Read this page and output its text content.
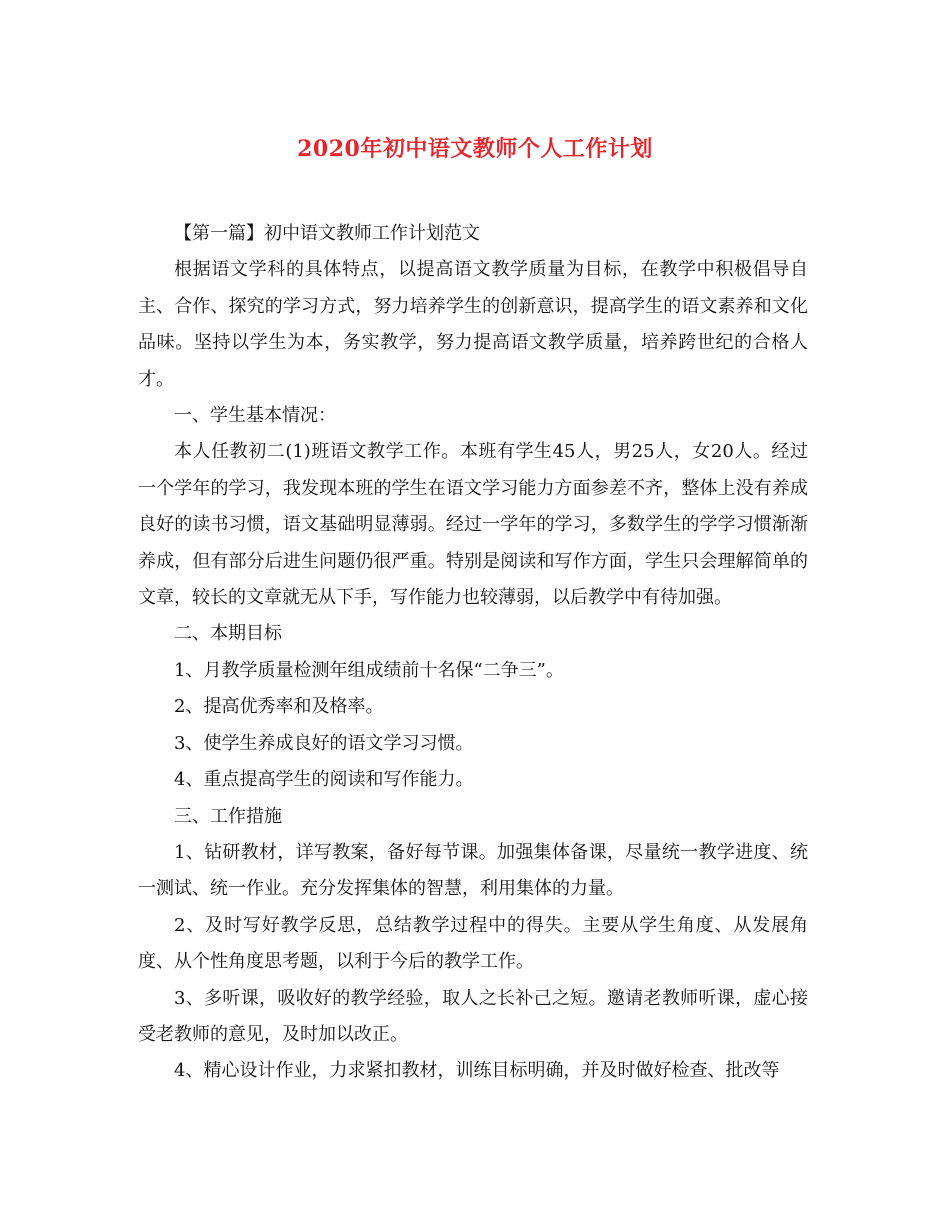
2020年初中语文教师个人工作计划

【第一篇】初中语文教师工作计划范文

根据语文学科的具体特点，以提高语文教学质量为目标，在教学中积极倡导自主、合作、探究的学习方式，努力培养学生的创新意识，提高学生的语文素养和文化品味。坚持以学生为本，务实教学，努力提高语文教学质量，培养跨世纪的合格人才。

一、学生基本情况：

本人任教初二(1)班语文教学工作。本班有学生45人，男25人，女20人。经过一个学年的学习，我发现本班的学生在语文学习能力方面参差不齐，整体上没有养成良好的读书习惯，语文基础明显薄弱。经过一学年的学习，多数学生的学学习惯渐渐养成，但有部分后进生问题仍很严重。特别是阅读和写作方面，学生只会理解简单的文章，较长的文章就无从下手，写作能力也较薄弱，以后教学中有待加强。

二、本期目标

1、月教学质量检测年组成绩前十名保“二争三”。

2、提高优秀率和及格率。

3、使学生养成良好的语文学习习惯。

4、重点提高学生的阅读和写作能力。

三、工作措施

1、钻研教材，详写教案，备好每节课。加强集体备课，尽量统一教学进度、统一测试、统一作业。充分发挥集体的智慧，利用集体的力量。

2、及时写好教学反思，总结教学过程中的得失。主要从学生角度、从发展角度、从个性角度思考题，以利于今后的教学工作。

3、多听课，吸收好的教学经验，取人之长补己之短。邀请老教师听课，虚心接受老教师的意见，及时加以改正。

4、精心设计作业，力求紧扣教材，训练目标明确，并及时做好检查、批改等
